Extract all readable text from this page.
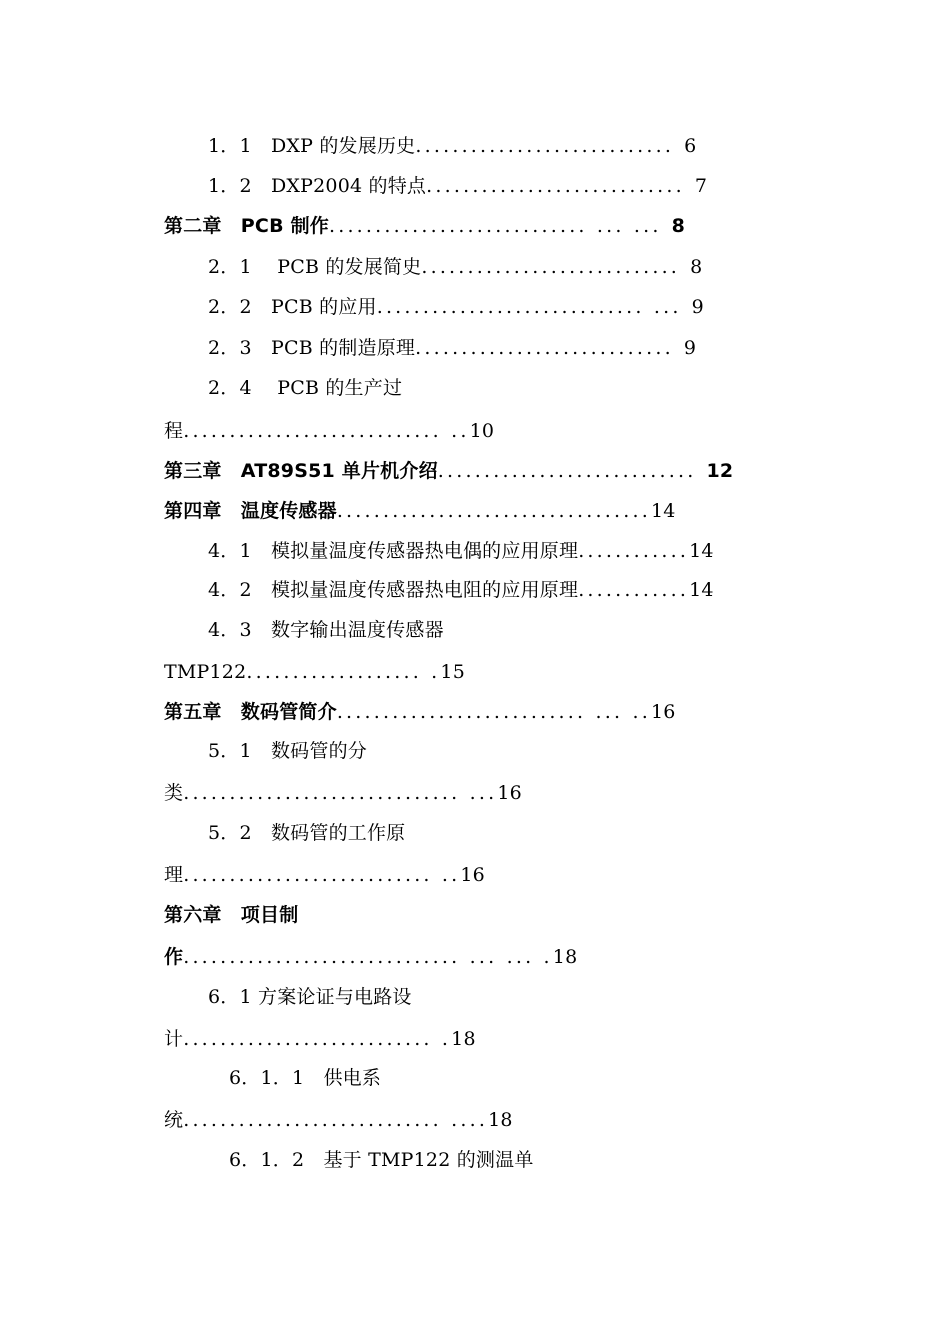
1．1　DXP 的发展历史............................ 6
1．2　DXP2004 的特点............................ 7
第二章　PCB 制作............................ ... ... 8
2．1　 PCB 的发展简史............................ 8
2．2　PCB 的应用............................. ... 9
2．3　PCB 的制造原理............................ 9
2．4　 PCB 的生产过
程............................ ..10
第三章　AT89S51 单片机介绍............................ 12
第四章　温度传感器..................................14
4．1　模拟量温度传感器热电偶的应用原理............14
4．2　模拟量温度传感器热电阻的应用原理............14
4．3　数字输出温度传感器
TMP122................... .15
第五章　数码管简介........................... ... ..16
5．1　数码管的分
类.............................. ...16
5．2　数码管的工作原
理........................... ..16
第六章　项目制
作.............................. ... ... .18
6．1 方案论证与电路设
计........................... .18
6．1．1　供电系
统............................ ....18
6．1．2　基于 TMP122 的测温单
